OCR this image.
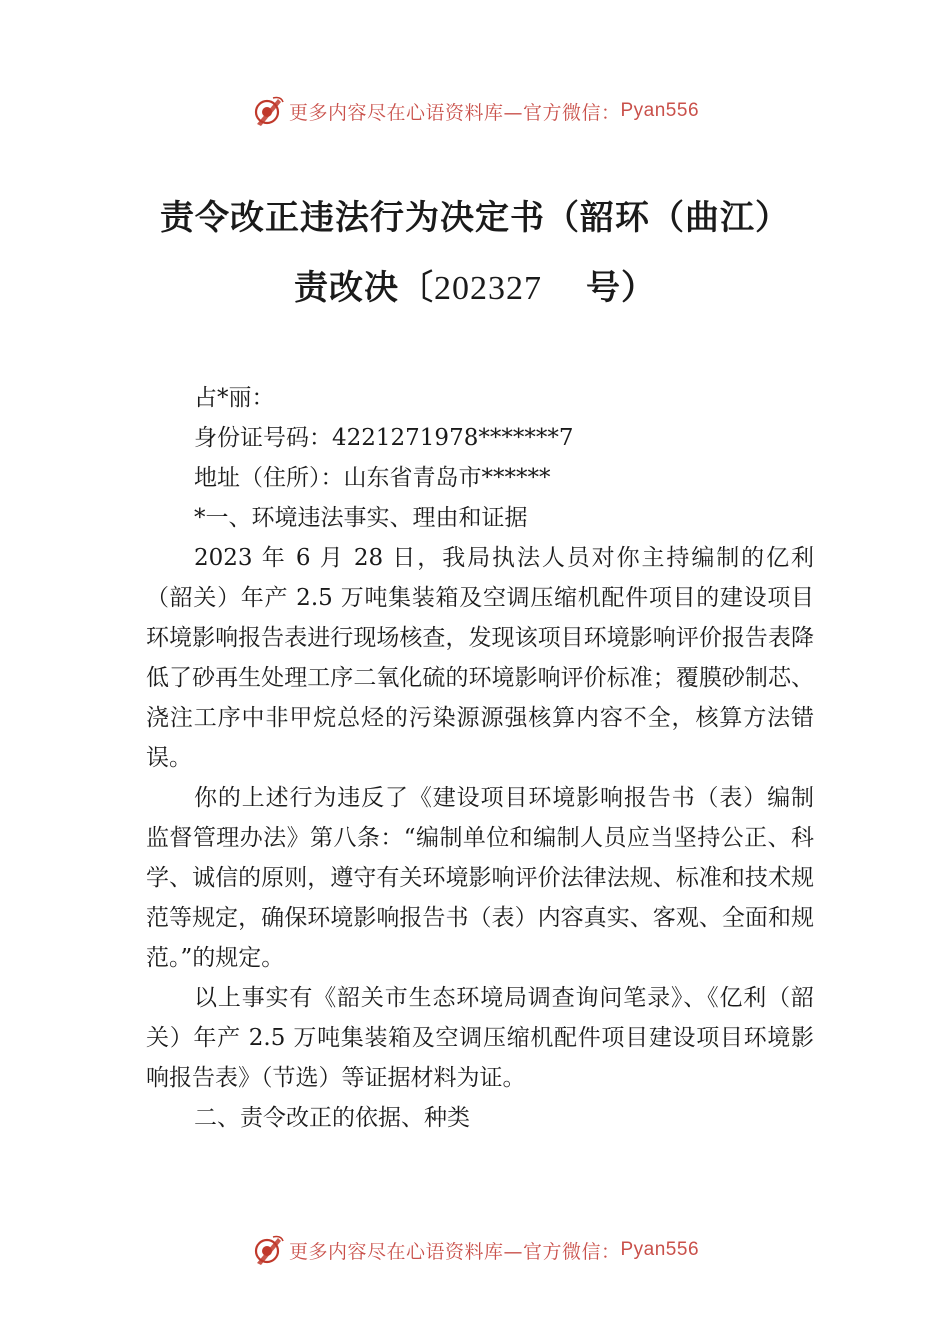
更多内容尽在心语资料库—官方微信： Pyan556
责令改正违法行为决定书（韶环（曲江）
责改决〔202327 号）

占*丽：

身份证号码：4221271978*******7

地址（住所）：山东省青岛市******

*一、环境违法事实、理由和证据

2023 年 6 月 28 日，我局执法人员对你主持编制的亿利（韶关）年产 2.5 万吨集装箱及空调压缩机配件项目的建设项目环境影响报告表进行现场核查，发现该项目环境影响评价报告表降低了砂再生处理工序二氧化硫的环境影响评价标准；覆膜砂制芯、浇注工序中非甲烷总烃的污染源源强核算内容不全，核算方法错误。

你的上述行为违反了《建设项目环境影响报告书（表）编制监督管理办法》第八条：“编制单位和编制人员应当坚持公正、科学、诚信的原则，遵守有关环境影响评价法律法规、标准和技术规范等规定，确保环境影响报告书（表）内容真实、客观、全面和规范。”的规定。

以上事实有《韶关市生态环境局调查询问笔录》、《亿利（韶关）年产 2.5 万吨集装箱及空调压缩机配件项目建设项目环境影响报告表》（节选）等证据材料为证。

二、责令改正的依据、种类

更多内容尽在心语资料库—官方微信： Pyan556
